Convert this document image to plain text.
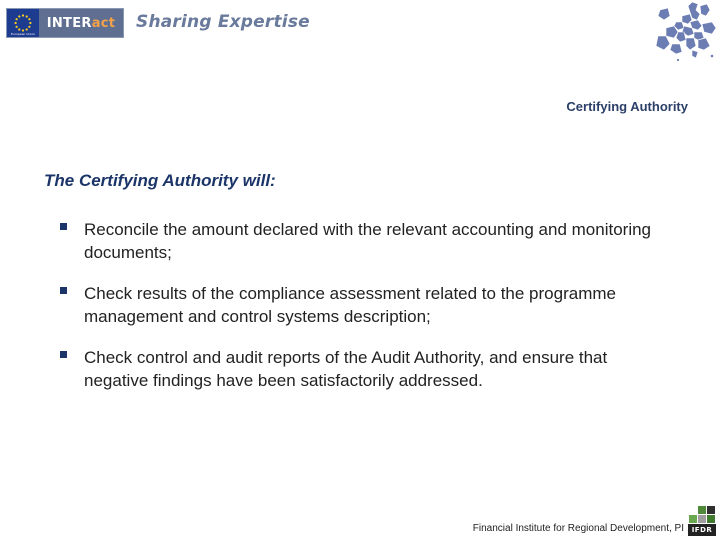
European Union
INTER act Sharing Expertise
Certifying Authority
The Certifying Authority will:
Reconcile the amount declared with the relevant accounting and monitoring documents;
Check results of the compliance assessment related to the programme management and control systems description;
Check control and audit reports of the Audit Authority, and ensure that negative findings have been satisfactorily addressed.
Financial Institute for Regional Development, PI	IFDR
